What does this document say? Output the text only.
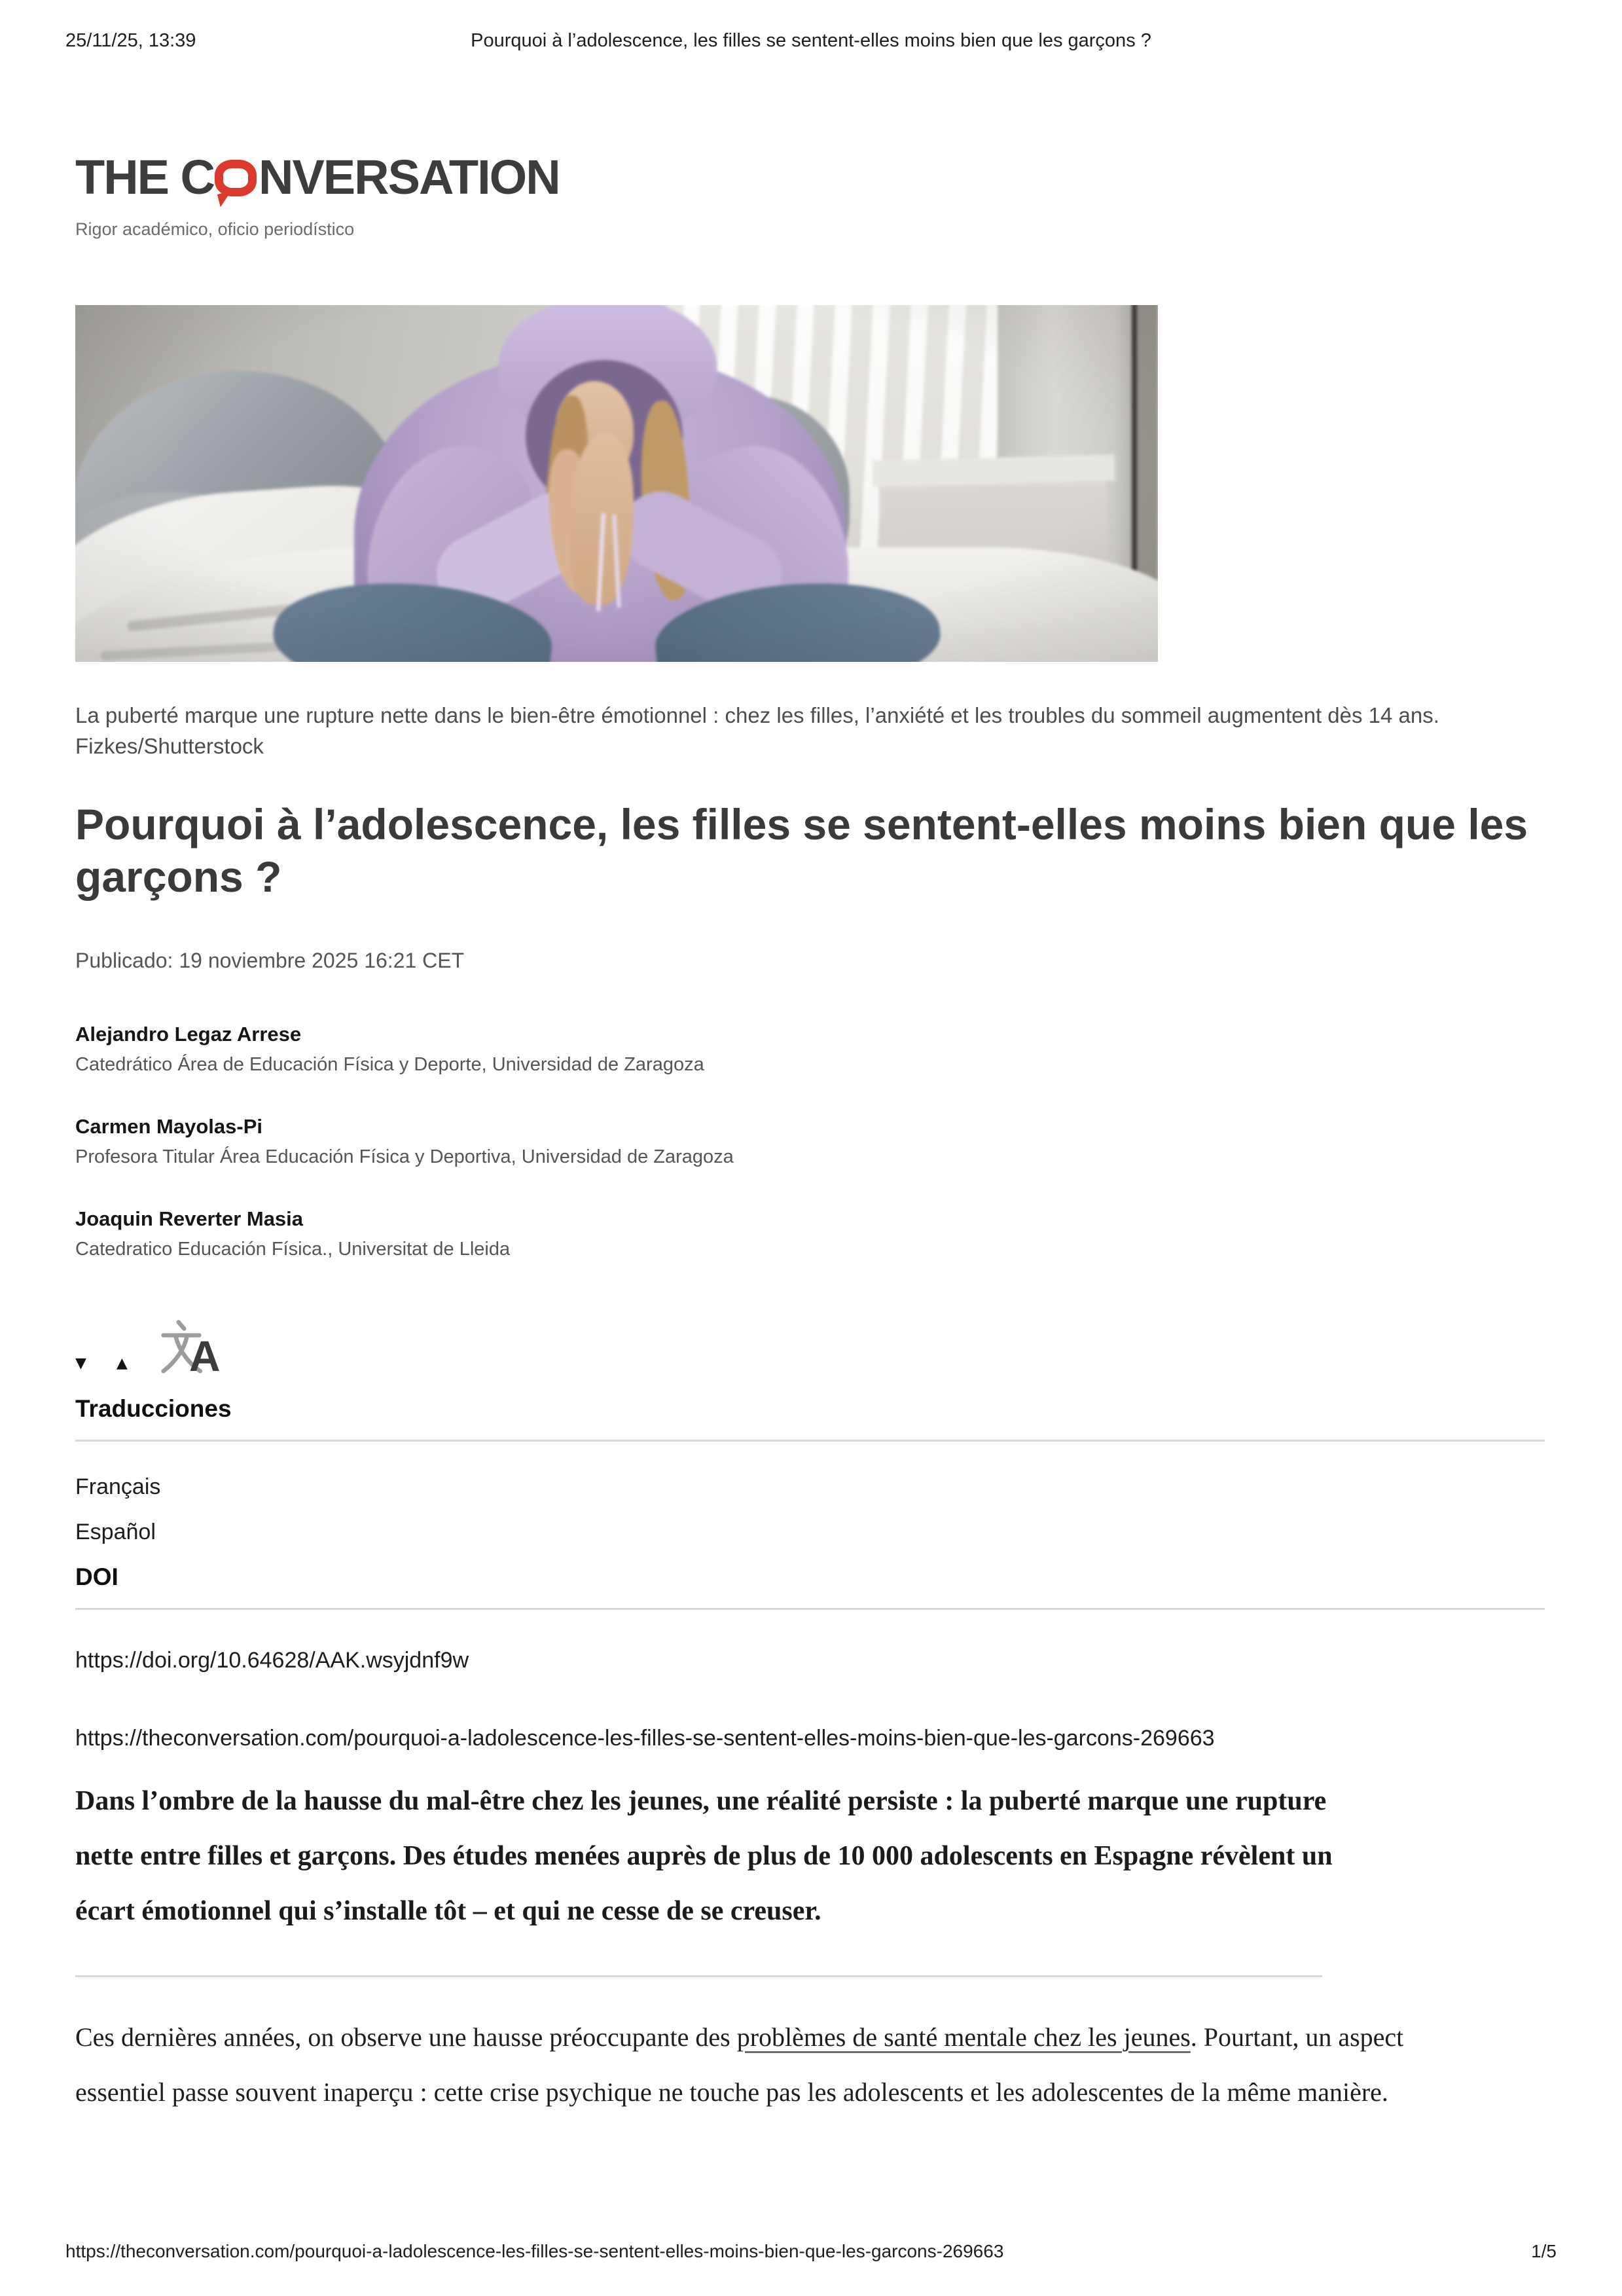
25/11/25, 13:39	Pourquoi à l’adolescence, les filles se sentent-elles moins bien que les garçons ?
THE C NVERSATION
Rigor académico, oficio periodístico
La puberté marque une rupture nette dans le bien-être émotionnel : chez les filles, l’anxiété et les troubles du sommeil augmentent dès 14 ans. Fizkes/Shutterstock
Pourquoi à l’adolescence, les filles se sentent-elles moins bien que les garçons ?
Publicado: 19 noviembre 2025 16:21 CET
Alejandro Legaz Arrese
Catedrático Área de Educación Física y Deporte, Universidad de Zaragoza
Carmen Mayolas-Pi
Profesora Titular Área Educación Física y Deportiva, Universidad de Zaragoza
Joaquin Reverter Masia
Catedratico Educación Física., Universitat de Lleida
▼ ▲ A
Traducciones
Français
Español
DOI
https://doi.org/10.64628/AAK.wsyjdnf9w
https://theconversation.com/pourquoi-a-ladolescence-les-filles-se-sentent-elles-moins-bien-que-les-garcons-269663
Dans l’ombre de la hausse du mal-être chez les jeunes, une réalité persiste : la puberté marque une rupture nette entre filles et garçons. Des études menées auprès de plus de 10 000 adolescents en Espagne révèlent un écart émotionnel qui s’installe tôt – et qui ne cesse de se creuser.
Ces dernières années, on observe une hausse préoccupante des problèmes de santé mentale chez les jeunes. Pourtant, un aspect essentiel passe souvent inaperçu : cette crise psychique ne touche pas les adolescents et les adolescentes de la même manière.
https://theconversation.com/pourquoi-a-ladolescence-les-filles-se-sentent-elles-moins-bien-que-les-garcons-269663	1/5
